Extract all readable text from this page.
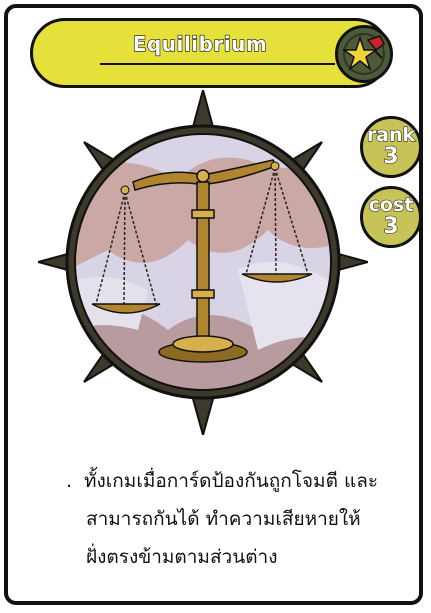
Equilibrium
rank
3
cost
3
. ทั้งเกมเมื่อการ์ดป้องกันถูกโจมตี และ
สามารถกันได้ ทำความเสียหายให้
ฝั่งตรงข้ามตามส่วนต่าง
